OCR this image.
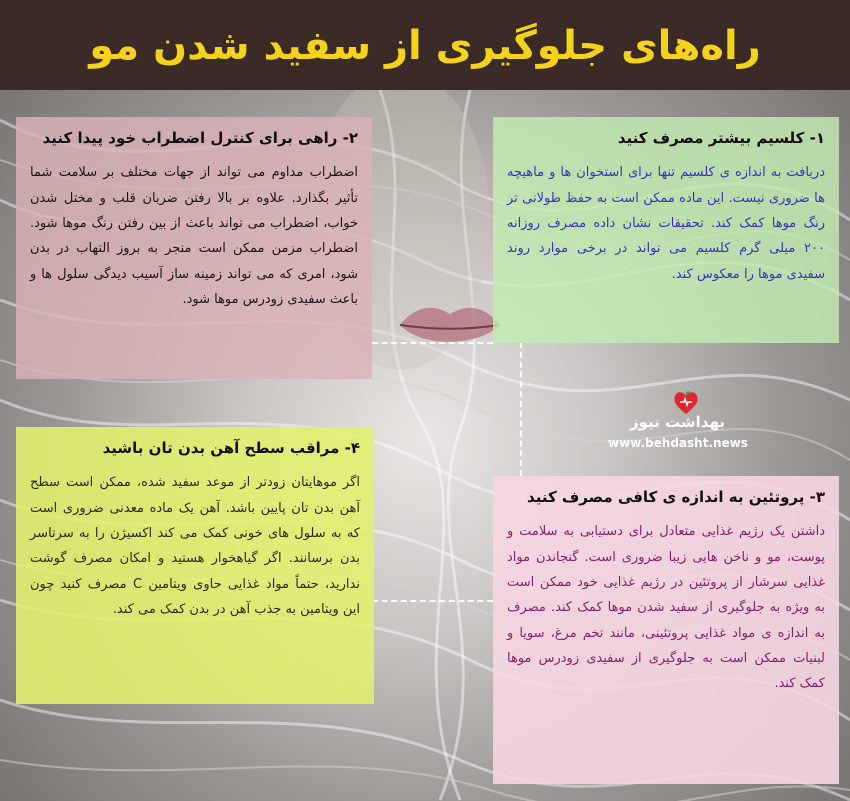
راه‌های جلوگیری از سفید شدن مو
۱- کلسیم بیشتر مصرف کنید

دریافت به اندازه ی کلسیم تنها برای استخوان ها و ماهیچه ها ضروری نیست. این ماده ممکن است به حفظ طولانی تر رنگ موها کمک کند. تحقیقات نشان داده مصرف روزانه ۲۰۰ میلی گرم کلسیم می تواند در برخی موارد روند سفیدی موها را معکوس کند.

۲- راهی برای کنترل اضطراب خود پیدا کنید

اضطراب مداوم می تواند از جهات مختلف بر سلامت شما تأثیر بگذارد. علاوه بر بالا رفتن ضربان قلب و مختل شدن خواب، اضطراب می تواند باعث از بین رفتن رنگ موها شود. اضطراب مزمن ممکن است منجر به بروز التهاب در بدن شود، امری که می تواند زمینه ساز آسیب دیدگی سلول ها و باعث سفیدی زودرس موها شود.

۳- پروتئین به اندازه ی کافی مصرف کنید

داشتن یک رژیم غذایی متعادل برای دستیابی به سلامت و پوست، مو و ناخن هایی زیبا ضروری است. گنجاندن مواد غذایی سرشار از پروتئین در رژیم غذایی خود ممکن است به ویژه به جلوگیری از سفید شدن موها کمک کند. مصرف به اندازه ی مواد غذایی پروتئینی، مانند تخم مرغ، سویا و لبنیات ممکن است به جلوگیری از سفیدی زودرس موها کمک کند.

۴- مراقب سطح آهن بدن تان باشید

اگر موهایتان زودتر از موعد سفید شده، ممکن است سطح آهن بدن تان پایین باشد. آهن یک ماده معدنی ضروری است که به سلول های خونی کمک می کند اکسیژن را به سرتاسر بدن برسانند. اگر گیاهخوار هستید و امکان مصرف گوشت ندارید، حتماً مواد غذایی حاوی ویتامین C مصرف کنید چون این ویتامین به جذب آهن در بدن کمک می کند.

بهداشت نیوز
www.behdasht.news
